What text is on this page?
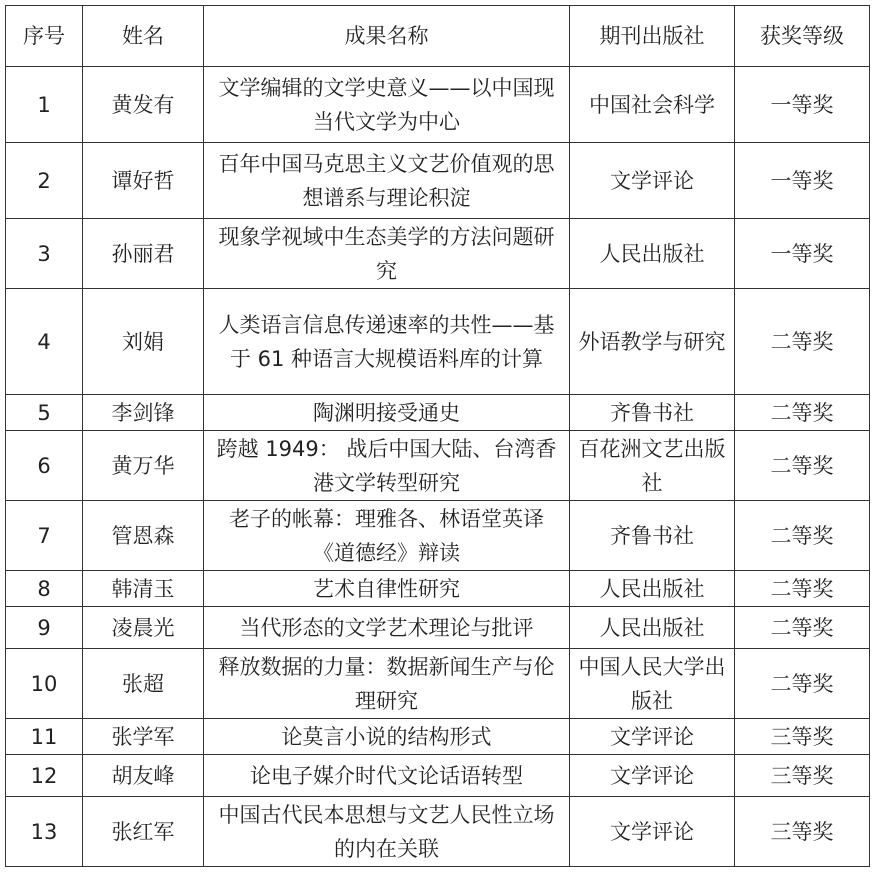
序号	姓名	成果名称	期刊出版社	获奖等级
1	黄发有	文学编辑的文学史意义——以中国现当代文学为中心	中国社会科学	一等奖
2	谭好哲	百年中国马克思主义文艺价值观的思想谱系与理论积淀	文学评论	一等奖
3	孙丽君	现象学视域中生态美学的方法问题研究	人民出版社	一等奖
4	刘娟	人类语言信息传递速率的共性——基于 61 种语言大规模语料库的计算	外语教学与研究	二等奖
5	李剑锋	陶渊明接受通史	齐鲁书社	二等奖
6	黄万华	跨越 1949： 战后中国大陆、台湾香港文学转型研究	百花洲文艺出版社	二等奖
7	管恩森	老子的帐幕：理雅各、林语堂英译《道德经》辩读	齐鲁书社	二等奖
8	韩清玉	艺术自律性研究	人民出版社	二等奖
9	凌晨光	当代形态的文学艺术理论与批评	人民出版社	二等奖
10	张超	释放数据的力量：数据新闻生产与伦理研究	中国人民大学出版社	二等奖
11	张学军	论莫言小说的结构形式	文学评论	三等奖
12	胡友峰	论电子媒介时代文论话语转型	文学评论	三等奖
13	张红军	中国古代民本思想与文艺人民性立场的内在关联	文学评论	三等奖
